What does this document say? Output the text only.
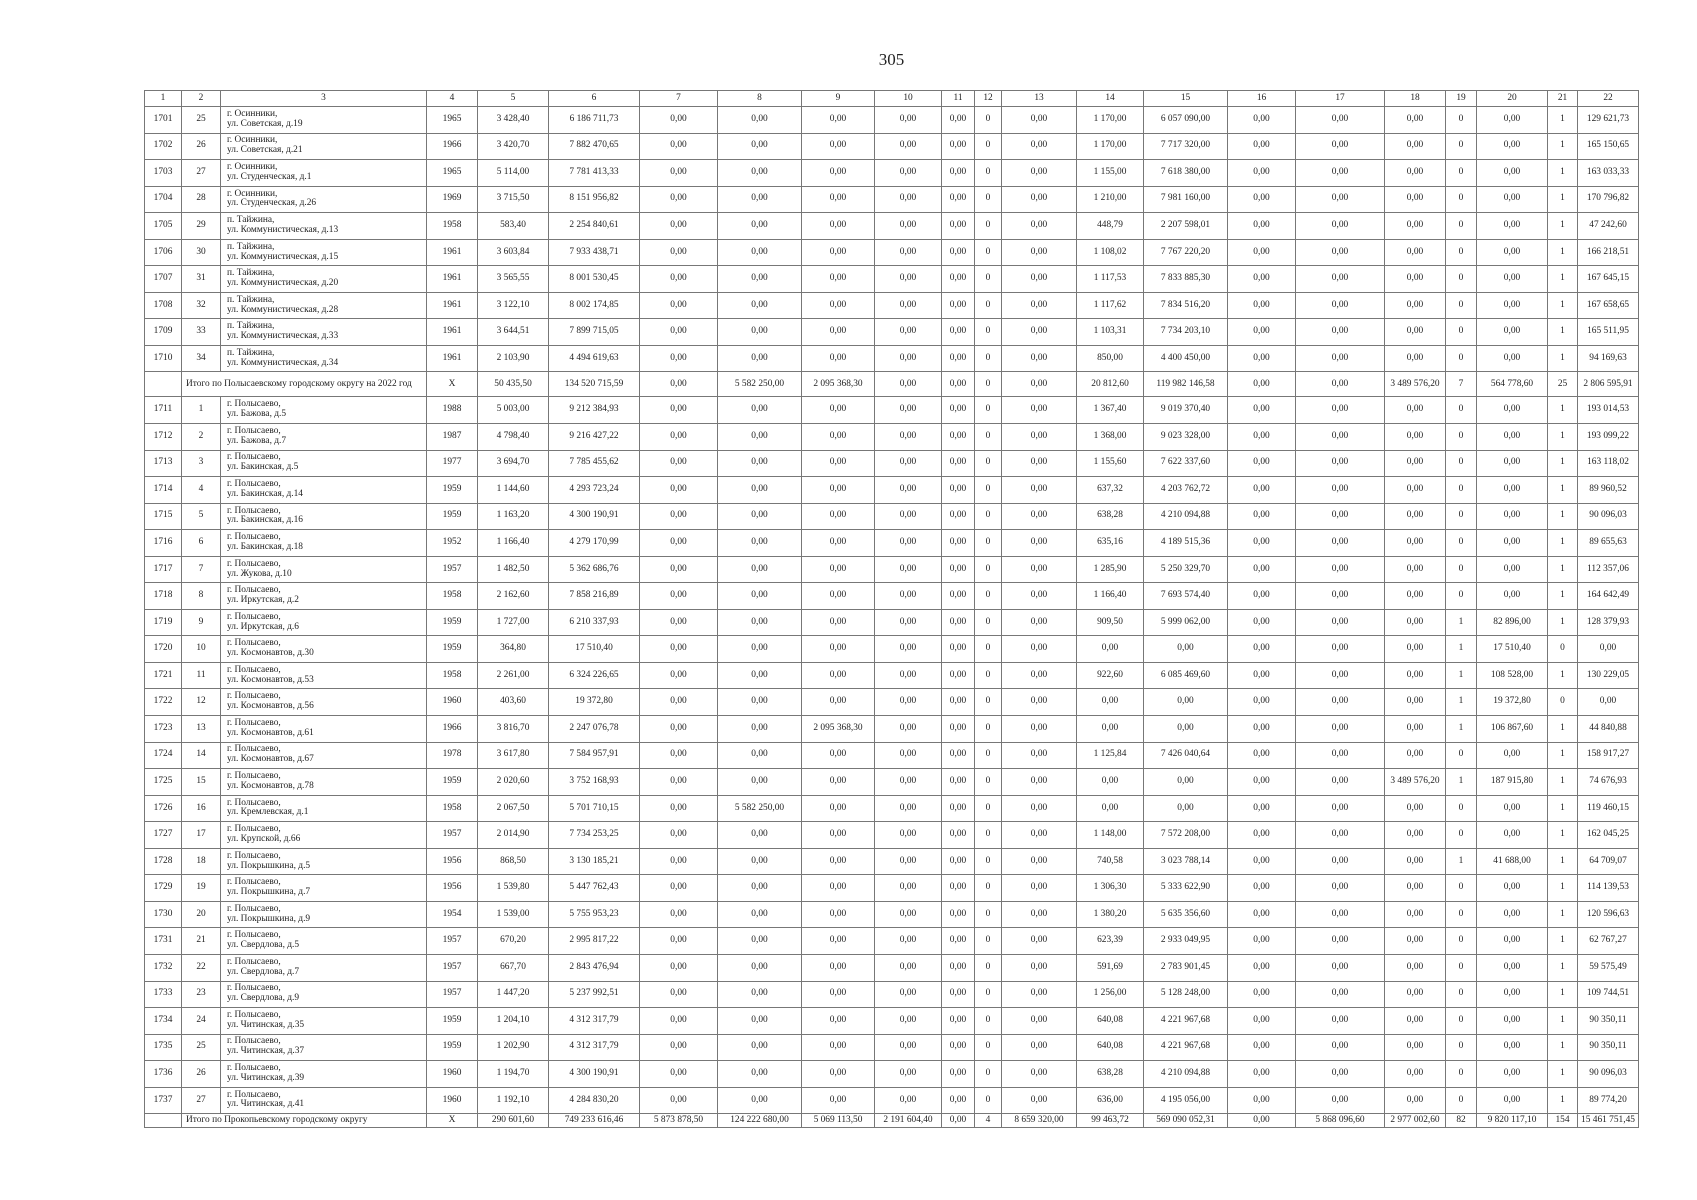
305
1	2	3	4	5	6	7	8	9	10	11	12	13	14	15	16	17	18	19	20	21	22
1701	25	г. Осинники,
ул. Советская, д.19	1965	3 428,40	6 186 711,73	0,00	0,00	0,00	0,00	0,00	0	0,00	1 170,00	6 057 090,00	0,00	0,00	0,00	0	0,00	1	129 621,73
1702	26	г. Осинники,
ул. Советская, д.21	1966	3 420,70	7 882 470,65	0,00	0,00	0,00	0,00	0,00	0	0,00	1 170,00	7 717 320,00	0,00	0,00	0,00	0	0,00	1	165 150,65
1703	27	г. Осинники,
ул. Студенческая, д.1	1965	5 114,00	7 781 413,33	0,00	0,00	0,00	0,00	0,00	0	0,00	1 155,00	7 618 380,00	0,00	0,00	0,00	0	0,00	1	163 033,33
1704	28	г. Осинники,
ул. Студенческая, д.26	1969	3 715,50	8 151 956,82	0,00	0,00	0,00	0,00	0,00	0	0,00	1 210,00	7 981 160,00	0,00	0,00	0,00	0	0,00	1	170 796,82
1705	29	п. Тайжина,
ул. Коммунистическая, д.13	1958	583,40	2 254 840,61	0,00	0,00	0,00	0,00	0,00	0	0,00	448,79	2 207 598,01	0,00	0,00	0,00	0	0,00	1	47 242,60
1706	30	п. Тайжина,
ул. Коммунистическая, д.15	1961	3 603,84	7 933 438,71	0,00	0,00	0,00	0,00	0,00	0	0,00	1 108,02	7 767 220,20	0,00	0,00	0,00	0	0,00	1	166 218,51
1707	31	п. Тайжина,
ул. Коммунистическая, д.20	1961	3 565,55	8 001 530,45	0,00	0,00	0,00	0,00	0,00	0	0,00	1 117,53	7 833 885,30	0,00	0,00	0,00	0	0,00	1	167 645,15
1708	32	п. Тайжина,
ул. Коммунистическая, д.28	1961	3 122,10	8 002 174,85	0,00	0,00	0,00	0,00	0,00	0	0,00	1 117,62	7 834 516,20	0,00	0,00	0,00	0	0,00	1	167 658,65
1709	33	п. Тайжина,
ул. Коммунистическая, д.33	1961	3 644,51	7 899 715,05	0,00	0,00	0,00	0,00	0,00	0	0,00	1 103,31	7 734 203,10	0,00	0,00	0,00	0	0,00	1	165 511,95
1710	34	п. Тайжина,
ул. Коммунистическая, д.34	1961	2 103,90	4 494 619,63	0,00	0,00	0,00	0,00	0,00	0	0,00	850,00	4 400 450,00	0,00	0,00	0,00	0	0,00	1	94 169,63
	Итого по Полысаевскому городскому округу на 2022 год		X	50 435,50	134 520 715,59	0,00	5 582 250,00	2 095 368,30	0,00	0,00	0	0,00	20 812,60	119 982 146,58	0,00	0,00	3 489 576,20	7	564 778,60	25	2 806 595,91
1711	1	г. Полысаево,
ул. Бажова, д.5	1988	5 003,00	9 212 384,93	0,00	0,00	0,00	0,00	0,00	0	0,00	1 367,40	9 019 370,40	0,00	0,00	0,00	0	0,00	1	193 014,53
1712	2	г. Полысаево,
ул. Бажова, д.7	1987	4 798,40	9 216 427,22	0,00	0,00	0,00	0,00	0,00	0	0,00	1 368,00	9 023 328,00	0,00	0,00	0,00	0	0,00	1	193 099,22
1713	3	г. Полысаево,
ул. Бакинская, д.5	1977	3 694,70	7 785 455,62	0,00	0,00	0,00	0,00	0,00	0	0,00	1 155,60	7 622 337,60	0,00	0,00	0,00	0	0,00	1	163 118,02
1714	4	г. Полысаево,
ул. Бакинская, д.14	1959	1 144,60	4 293 723,24	0,00	0,00	0,00	0,00	0,00	0	0,00	637,32	4 203 762,72	0,00	0,00	0,00	0	0,00	1	89 960,52
1715	5	г. Полысаево,
ул. Бакинская, д.16	1959	1 163,20	4 300 190,91	0,00	0,00	0,00	0,00	0,00	0	0,00	638,28	4 210 094,88	0,00	0,00	0,00	0	0,00	1	90 096,03
1716	6	г. Полысаево,
ул. Бакинская, д.18	1952	1 166,40	4 279 170,99	0,00	0,00	0,00	0,00	0,00	0	0,00	635,16	4 189 515,36	0,00	0,00	0,00	0	0,00	1	89 655,63
1717	7	г. Полысаево,
ул. Жукова, д.10	1957	1 482,50	5 362 686,76	0,00	0,00	0,00	0,00	0,00	0	0,00	1 285,90	5 250 329,70	0,00	0,00	0,00	0	0,00	1	112 357,06
1718	8	г. Полысаево,
ул. Иркутская, д.2	1958	2 162,60	7 858 216,89	0,00	0,00	0,00	0,00	0,00	0	0,00	1 166,40	7 693 574,40	0,00	0,00	0,00	0	0,00	1	164 642,49
1719	9	г. Полысаево,
ул. Иркутская, д.6	1959	1 727,00	6 210 337,93	0,00	0,00	0,00	0,00	0,00	0	0,00	909,50	5 999 062,00	0,00	0,00	0,00	1	82 896,00	1	128 379,93
1720	10	г. Полысаево,
ул. Космонавтов, д.30	1959	364,80	17 510,40	0,00	0,00	0,00	0,00	0,00	0	0,00	0,00	0,00	0,00	0,00	0,00	1	17 510,40	0	0,00
1721	11	г. Полысаево,
ул. Космонавтов, д.53	1958	2 261,00	6 324 226,65	0,00	0,00	0,00	0,00	0,00	0	0,00	922,60	6 085 469,60	0,00	0,00	0,00	1	108 528,00	1	130 229,05
1722	12	г. Полысаево,
ул. Космонавтов, д.56	1960	403,60	19 372,80	0,00	0,00	0,00	0,00	0,00	0	0,00	0,00	0,00	0,00	0,00	0,00	1	19 372,80	0	0,00
1723	13	г. Полысаево,
ул. Космонавтов, д.61	1966	3 816,70	2 247 076,78	0,00	0,00	2 095 368,30	0,00	0,00	0	0,00	0,00	0,00	0,00	0,00	0,00	1	106 867,60	1	44 840,88
1724	14	г. Полысаево,
ул. Космонавтов, д.67	1978	3 617,80	7 584 957,91	0,00	0,00	0,00	0,00	0,00	0	0,00	1 125,84	7 426 040,64	0,00	0,00	0,00	0	0,00	1	158 917,27
1725	15	г. Полысаево,
ул. Космонавтов, д.78	1959	2 020,60	3 752 168,93	0,00	0,00	0,00	0,00	0,00	0	0,00	0,00	0,00	0,00	0,00	3 489 576,20	1	187 915,80	1	74 676,93
1726	16	г. Полысаево,
ул. Кремлевская, д.1	1958	2 067,50	5 701 710,15	0,00	5 582 250,00	0,00	0,00	0,00	0	0,00	0,00	0,00	0,00	0,00	0,00	0	0,00	1	119 460,15
1727	17	г. Полысаево,
ул. Крупской, д.66	1957	2 014,90	7 734 253,25	0,00	0,00	0,00	0,00	0,00	0	0,00	1 148,00	7 572 208,00	0,00	0,00	0,00	0	0,00	1	162 045,25
1728	18	г. Полысаево,
ул. Покрышкина, д.5	1956	868,50	3 130 185,21	0,00	0,00	0,00	0,00	0,00	0	0,00	740,58	3 023 788,14	0,00	0,00	0,00	1	41 688,00	1	64 709,07
1729	19	г. Полысаево,
ул. Покрышкина, д.7	1956	1 539,80	5 447 762,43	0,00	0,00	0,00	0,00	0,00	0	0,00	1 306,30	5 333 622,90	0,00	0,00	0,00	0	0,00	1	114 139,53
1730	20	г. Полысаево,
ул. Покрышкина, д.9	1954	1 539,00	5 755 953,23	0,00	0,00	0,00	0,00	0,00	0	0,00	1 380,20	5 635 356,60	0,00	0,00	0,00	0	0,00	1	120 596,63
1731	21	г. Полысаево,
ул. Свердлова, д.5	1957	670,20	2 995 817,22	0,00	0,00	0,00	0,00	0,00	0	0,00	623,39	2 933 049,95	0,00	0,00	0,00	0	0,00	1	62 767,27
1732	22	г. Полысаево,
ул. Свердлова, д.7	1957	667,70	2 843 476,94	0,00	0,00	0,00	0,00	0,00	0	0,00	591,69	2 783 901,45	0,00	0,00	0,00	0	0,00	1	59 575,49
1733	23	г. Полысаево,
ул. Свердлова, д.9	1957	1 447,20	5 237 992,51	0,00	0,00	0,00	0,00	0,00	0	0,00	1 256,00	5 128 248,00	0,00	0,00	0,00	0	0,00	1	109 744,51
1734	24	г. Полысаево,
ул. Читинская, д.35	1959	1 204,10	4 312 317,79	0,00	0,00	0,00	0,00	0,00	0	0,00	640,08	4 221 967,68	0,00	0,00	0,00	0	0,00	1	90 350,11
1735	25	г. Полысаево,
ул. Читинская, д.37	1959	1 202,90	4 312 317,79	0,00	0,00	0,00	0,00	0,00	0	0,00	640,08	4 221 967,68	0,00	0,00	0,00	0	0,00	1	90 350,11
1736	26	г. Полысаево,
ул. Читинская, д.39	1960	1 194,70	4 300 190,91	0,00	0,00	0,00	0,00	0,00	0	0,00	638,28	4 210 094,88	0,00	0,00	0,00	0	0,00	1	90 096,03
1737	27	г. Полысаево,
ул. Читинская, д.41	1960	1 192,10	4 284 830,20	0,00	0,00	0,00	0,00	0,00	0	0,00	636,00	4 195 056,00	0,00	0,00	0,00	0	0,00	1	89 774,20
	Итого по Прокопьевскому городскому округу		X	290 601,60	749 233 616,46	5 873 878,50	124 222 680,00	5 069 113,50	2 191 604,40	0,00	4	8 659 320,00	99 463,72	569 090 052,31	0,00	5 868 096,60	2 977 002,60	82	9 820 117,10	154	15 461 751,45
